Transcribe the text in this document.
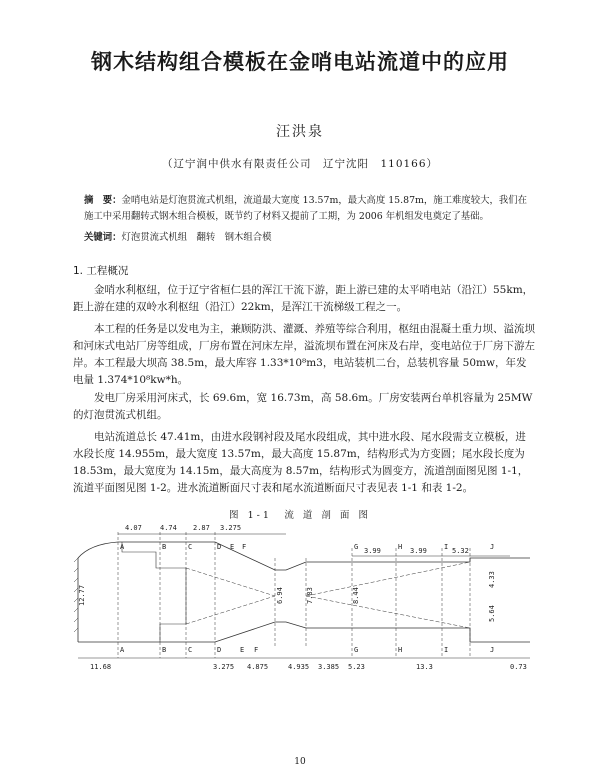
钢木结构组合模板在金哨电站流道中的应用
汪洪泉
（辽宁润中供水有限责任公司　辽宁沈阳　110166）
摘　要：金哨电站是灯泡贯流式机组，流道最大宽度 13.57m，最大高度 15.87m，施工难度较大，我们在施工中采用翻转式钢木组合模板，既节约了材料又提前了工期，为 2006 年机组发电奠定了基础。
关键词：灯泡贯流式机组　翻转　钢木组合模
1. 工程概况
金哨水利枢纽，位于辽宁省桓仁县的浑江干流下游，距上游已建的太平哨电站（沿江）55km，距上游在建的双岭水利枢纽（沿江）22km，是浑江干流梯级工程之一。
本工程的任务是以发电为主，兼顾防洪、灌溉、养殖等综合利用，枢纽由混凝土重力坝、溢流坝和河床式电站厂房等组成，厂房布置在河床左岸，溢流坝布置在河床及右岸，变电站位于厂房下游左岸。本工程最大坝高 38.5m，最大库容 1.33*10⁸m3，电站装机二台，总装机容量 50mw，年发电量 1.374*10⁸kw*h。
发电厂房采用河床式，长 69.6m，宽 16.73m，高 58.6m。厂房安装两台单机容量为 25MW 的灯泡贯流式机组。
电站流道总长 47.41m，由进水段钢衬段及尾水段组成，其中进水段、尾水段需支立模板，进水段长度 14.955m，最大宽度 13.57m，最大高度 15.87m，结构形式为方变圆；尾水段长度为 18.53m，最大宽度为 14.15m，最大高度为 8.57m，结构形式为圆变方，流道剖面图见图 1-1，流道平面图见图 1-2。进水流道断面尺寸表和尾水流道断面尺寸表见表 1-1 和表 1-2。
图 1-1　流 道 剖 面 图
4.07	4.74 2.87 3.275
3.99	3.99	5.32
A	B	C	D E F	G	H	I	J
A	B	C	D	E F	G	H	I	J
12.77	6.94	7.83	8.44
4.33
5.64
11.68	3.275 4.875	4.935 3.385 5.23	13.3	0.73
10
